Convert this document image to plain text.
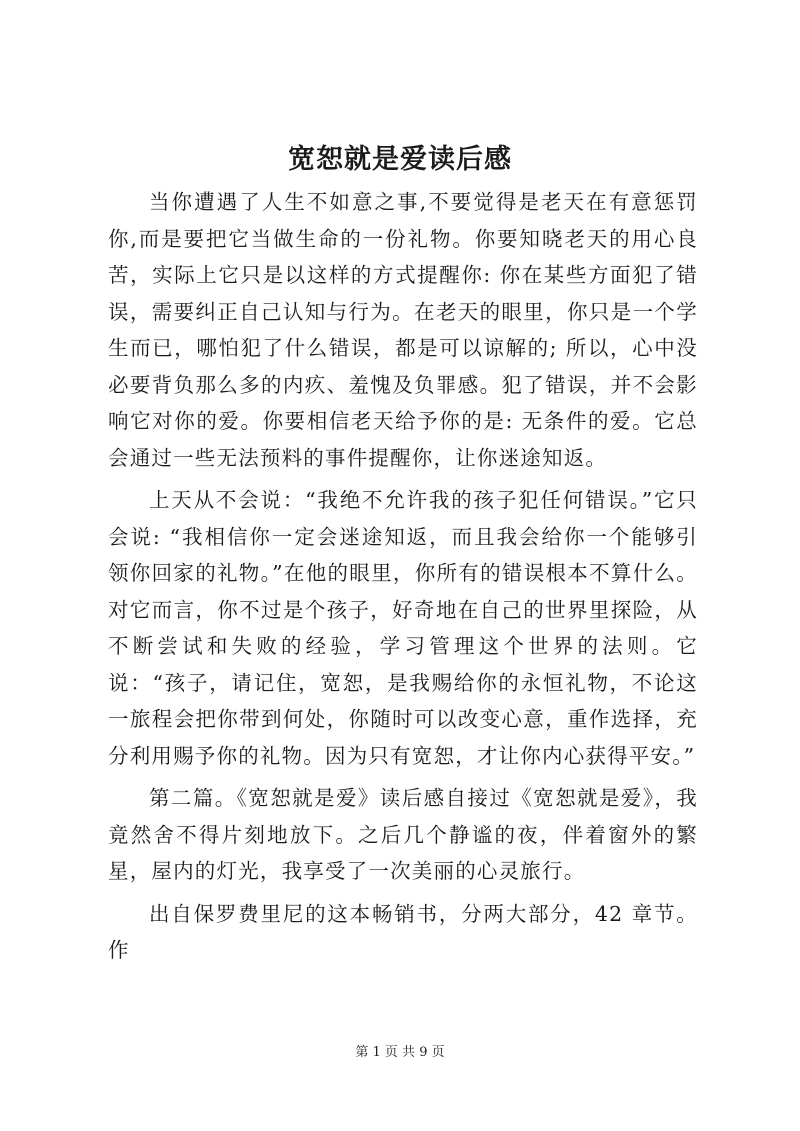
宽恕就是爱读后感

当你遭遇了人生不如意之事,不要觉得是老天在有意惩罚你,而是要把它当做生命的一份礼物。你要知晓老天的用心良苦，实际上它只是以这样的方式提醒你: 你在某些方面犯了错误，需要纠正自己认知与行为。在老天的眼里，你只是一个学生而已，哪怕犯了什么错误，都是可以谅解的; 所以，心中没必要背负那么多的内疚、羞愧及负罪感。犯了错误，并不会影响它对你的爱。你要相信老天给予你的是: 无条件的爱。它总会通过一些无法预料的事件提醒你，让你迷途知返。

上天从不会说：“我绝不允许我的孩子犯任何错误。”它只会说: “我相信你一定会迷途知返，而且我会给你一个能够引领你回家的礼物。”在他的眼里，你所有的错误根本不算什么。对它而言，你不过是个孩子，好奇地在自己的世界里探险，从不断尝试和失败的经验，学习管理这个世界的法则。它说：“孩子，请记住，宽恕，是我赐给你的永恒礼物，不论这一旅程会把你带到何处，你随时可以改变心意，重作选择，充分利用赐予你的礼物。因为只有宽恕，才让你内心获得平安。”

第二篇。《宽恕就是爱》读后感自接过《宽恕就是爱》，我竟然舍不得片刻地放下。之后几个静谧的夜，伴着窗外的繁星，屋内的灯光，我享受了一次美丽的心灵旅行。

出自保罗费里尼的这本畅销书，分两大部分，42 章节。作

第 1 页 共 9 页
